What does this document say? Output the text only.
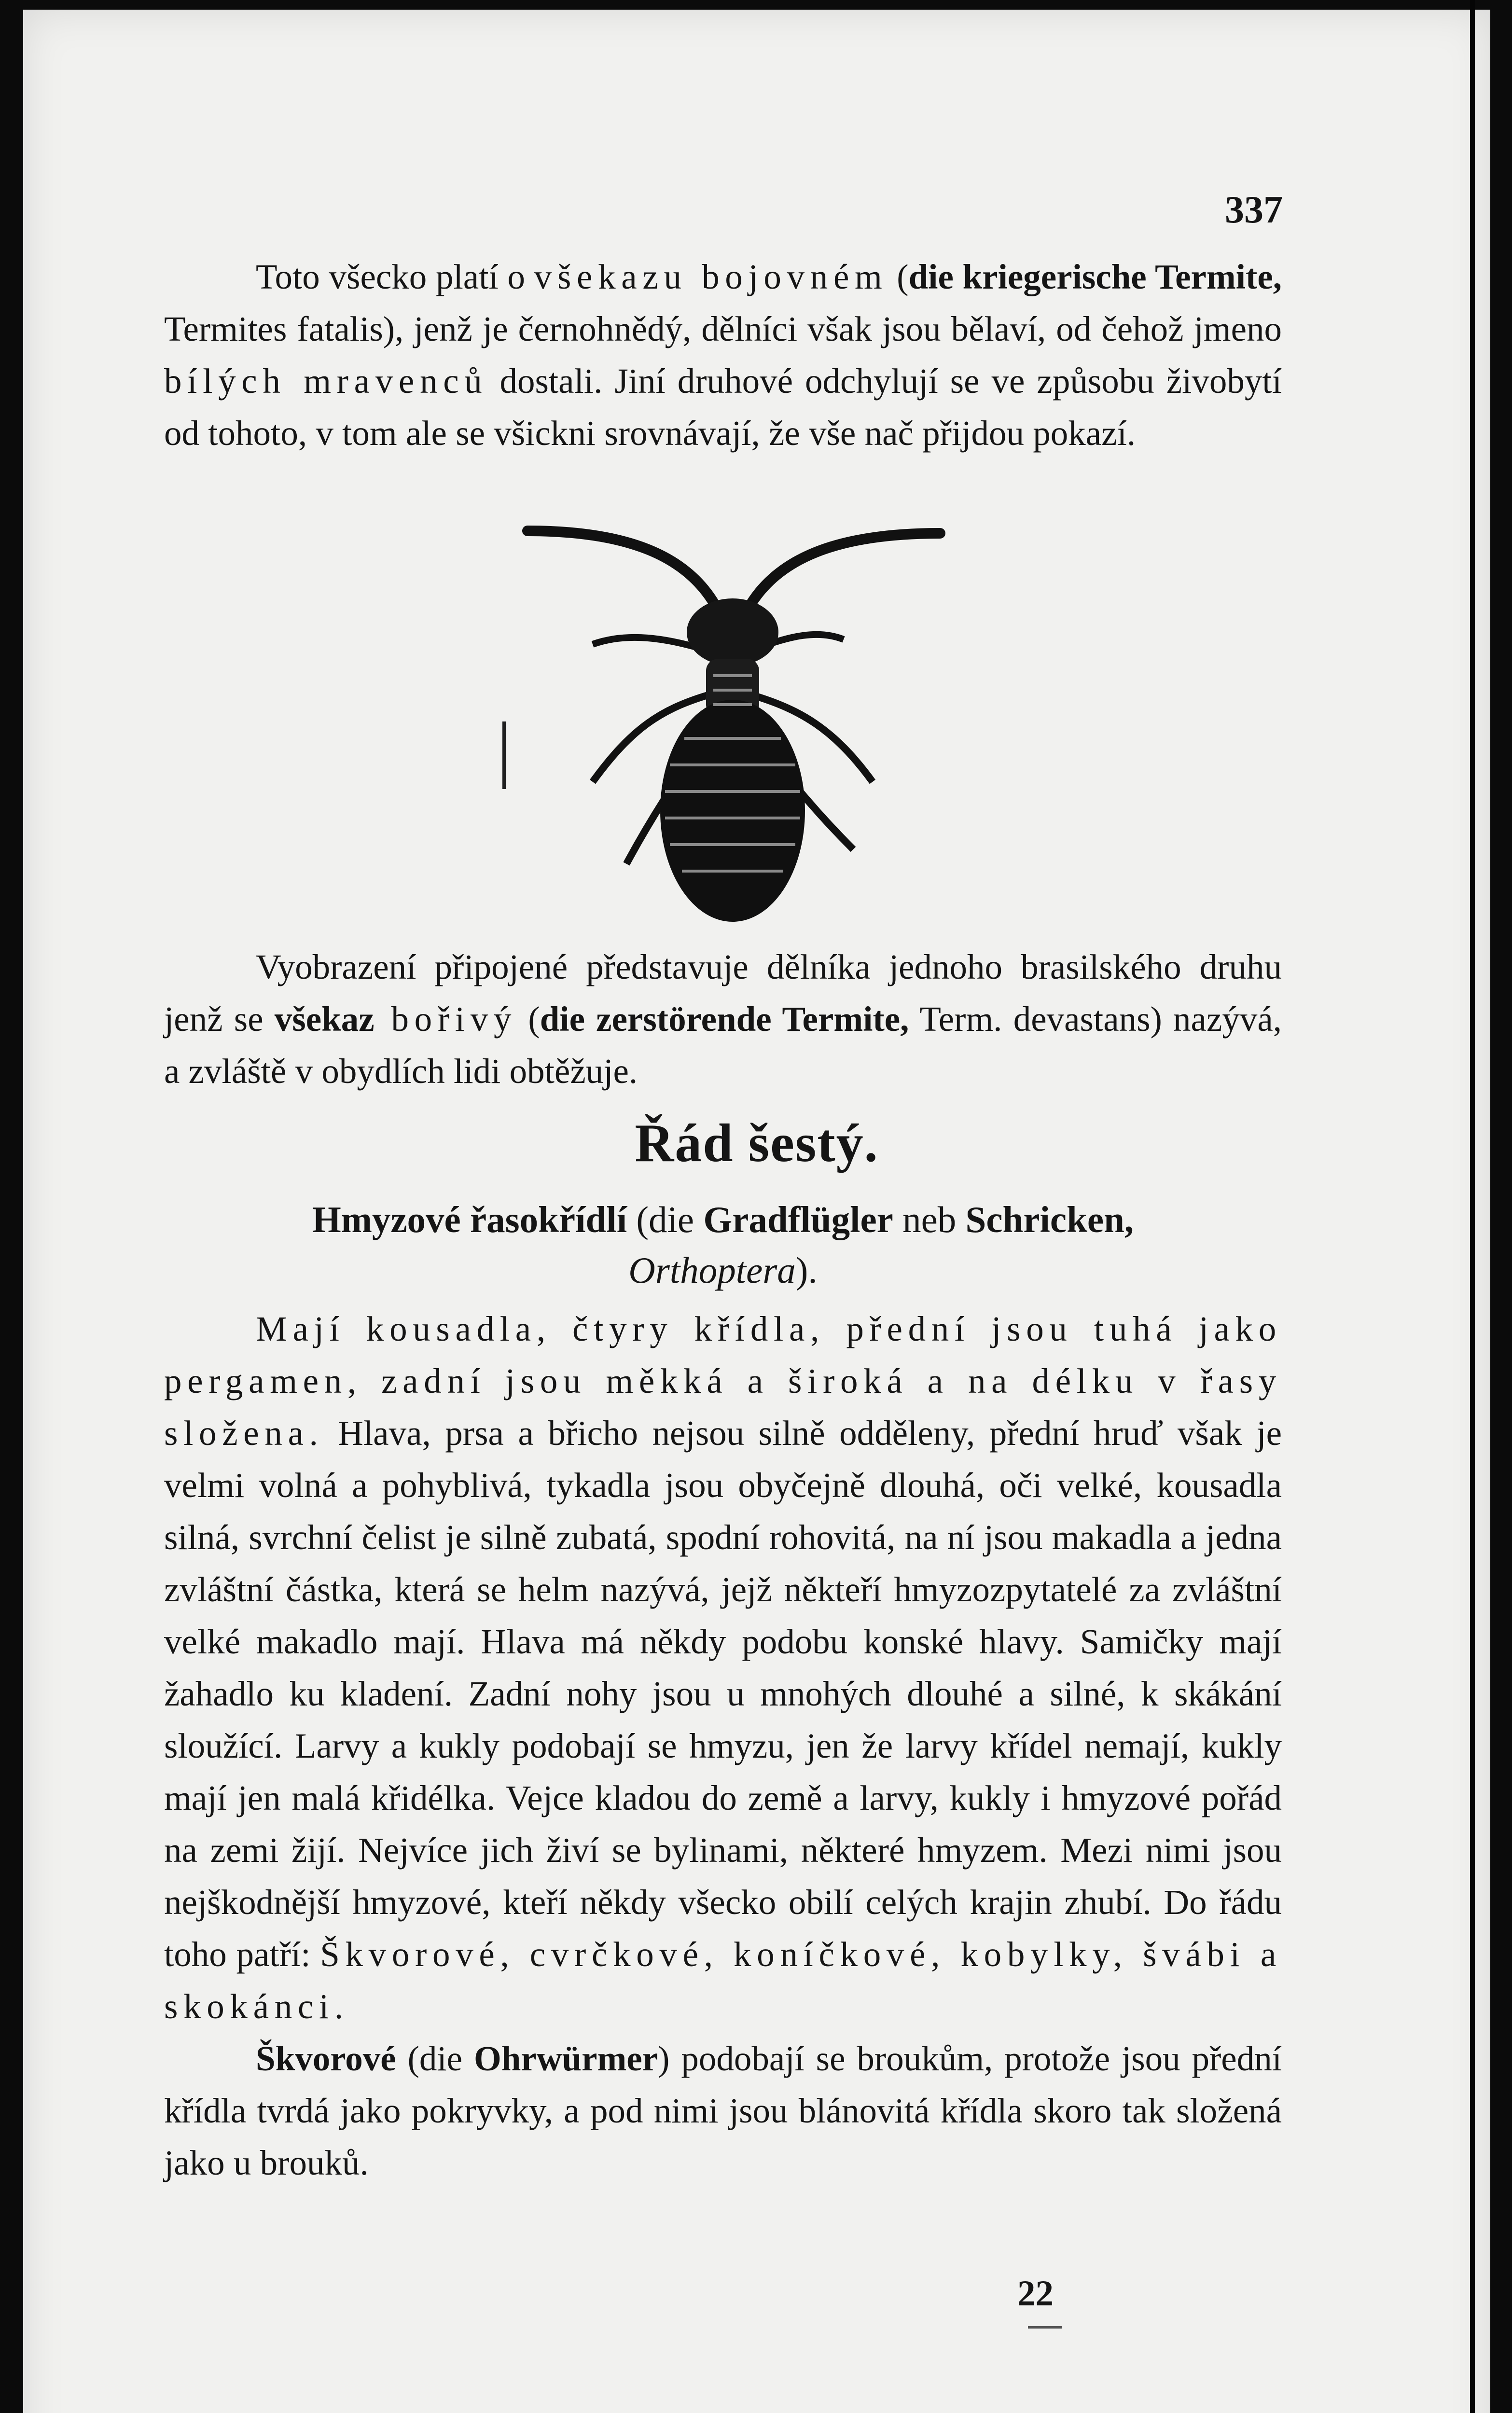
337

Toto všecko platí o všekazu bojovném (die kriegerische Termite, Termites fatalis), jenž je černohnědý, dělníci však jsou bělaví, od čehož jmeno bílých mravenců dostali. Jiní druhové odchylují se ve způsobu živobytí od tohoto, v tom ale se všickni srovnávají, že vše nač přijdou pokazí.

Vyobrazení připojené představuje dělníka jednoho brasilského druhu jenž se všekaz bořivý (die zerstörende Termite, Term. devastans) nazývá, a zvláště v obydlích lidi obtěžuje.

Řád šestý.
Hmyzové řasokřídlí (die Gradflügler neb Schricken,
Orthoptera).

Mají kousadla, čtyry křídla, přední jsou tuhá jako pergamen, zadní jsou měkká a široká a na délku v řasy složena. Hlava, prsa a břicho nejsou silně odděleny, přední hruď však je velmi volná a pohyblivá, tykadla jsou obyčejně dlouhá, oči velké, kousadla silná, svrchní čelist je silně zubatá, spodní rohovitá, na ní jsou makadla a jedna zvláštní částka, která se helm nazývá, jejž někteří hmyzozpytatelé za zvláštní velké makadlo mají. Hlava má někdy podobu konské hlavy. Samičky mají žahadlo ku kladení. Zadní nohy jsou u mnohých dlouhé a silné, k skákání sloužící. Larvy a kukly podobají se hmyzu, jen že larvy křídel nemají, kukly mají jen malá křidélka. Vejce kladou do země a larvy, kukly i hmyzové pořád na zemi žijí. Nejvíce jich živí se bylinami, některé hmyzem. Mezi nimi jsou nejškodnější hmyzové, kteří někdy všecko obilí celých krajin zhubí. Do řádu toho patří: Škvorové, cvrčkové, koníčkové, kobylky, švábi a skokánci.

Škvorové (die Ohrwürmer) podobají se broukům, protože jsou přední křídla tvrdá jako pokryvky, a pod nimi jsou blánovitá křídla skoro tak složená jako u brouků.

22
